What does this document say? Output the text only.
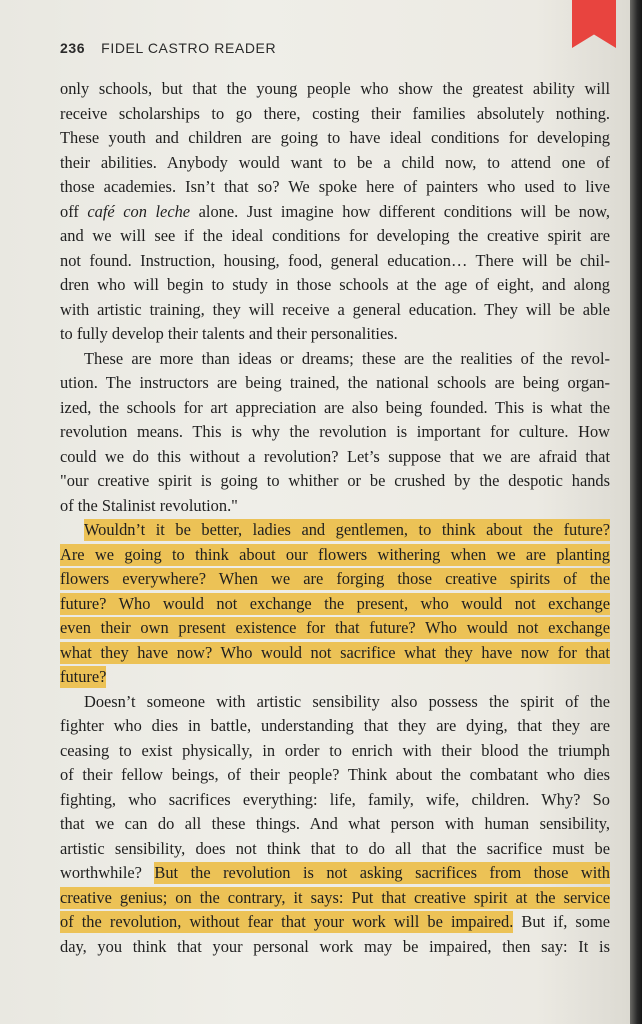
236 FIDEL CASTRO READER
only schools, but that the young people who show the greatest ability will
receive scholarships to go there, costing their families absolutely nothing.
These youth and children are going to have ideal conditions for developing
their abilities. Anybody would want to be a child now, to attend one of
those academies. Isn’t that so? We spoke here of painters who used to live
off café con leche alone. Just imagine how different conditions will be now,
and we will see if the ideal conditions for developing the creative spirit are
not found. Instruction, housing, food, general education… There will be chil-
dren who will begin to study in those schools at the age of eight, and along
with artistic training, they will receive a general education. They will be able
to fully develop their talents and their personalities.
These are more than ideas or dreams; these are the realities of the revol-
ution. The instructors are being trained, the national schools are being organ-
ized, the schools for art appreciation are also being founded. This is what the
revolution means. This is why the revolution is important for culture. How
could we do this without a revolution? Let’s suppose that we are afraid that
"our creative spirit is going to whither or be crushed by the despotic hands
of the Stalinist revolution."
Wouldn’t it be better, ladies and gentlemen, to think about the future?
Are we going to think about our flowers withering when we are planting
flowers everywhere? When we are forging those creative spirits of the
future? Who would not exchange the present, who would not exchange
even their own present existence for that future? Who would not exchange
what they have now? Who would not sacrifice what they have now for that
future?
Doesn’t someone with artistic sensibility also possess the spirit of the
fighter who dies in battle, understanding that they are dying, that they are
ceasing to exist physically, in order to enrich with their blood the triumph
of their fellow beings, of their people? Think about the combatant who dies
fighting, who sacrifices everything: life, family, wife, children. Why? So
that we can do all these things. And what person with human sensibility,
artistic sensibility, does not think that to do all that the sacrifice must be
worthwhile? But the revolution is not asking sacrifices from those with
creative genius; on the contrary, it says: Put that creative spirit at the service
of the revolution, without fear that your work will be impaired. But if, some
day, you think that your personal work may be impaired, then say: It is
